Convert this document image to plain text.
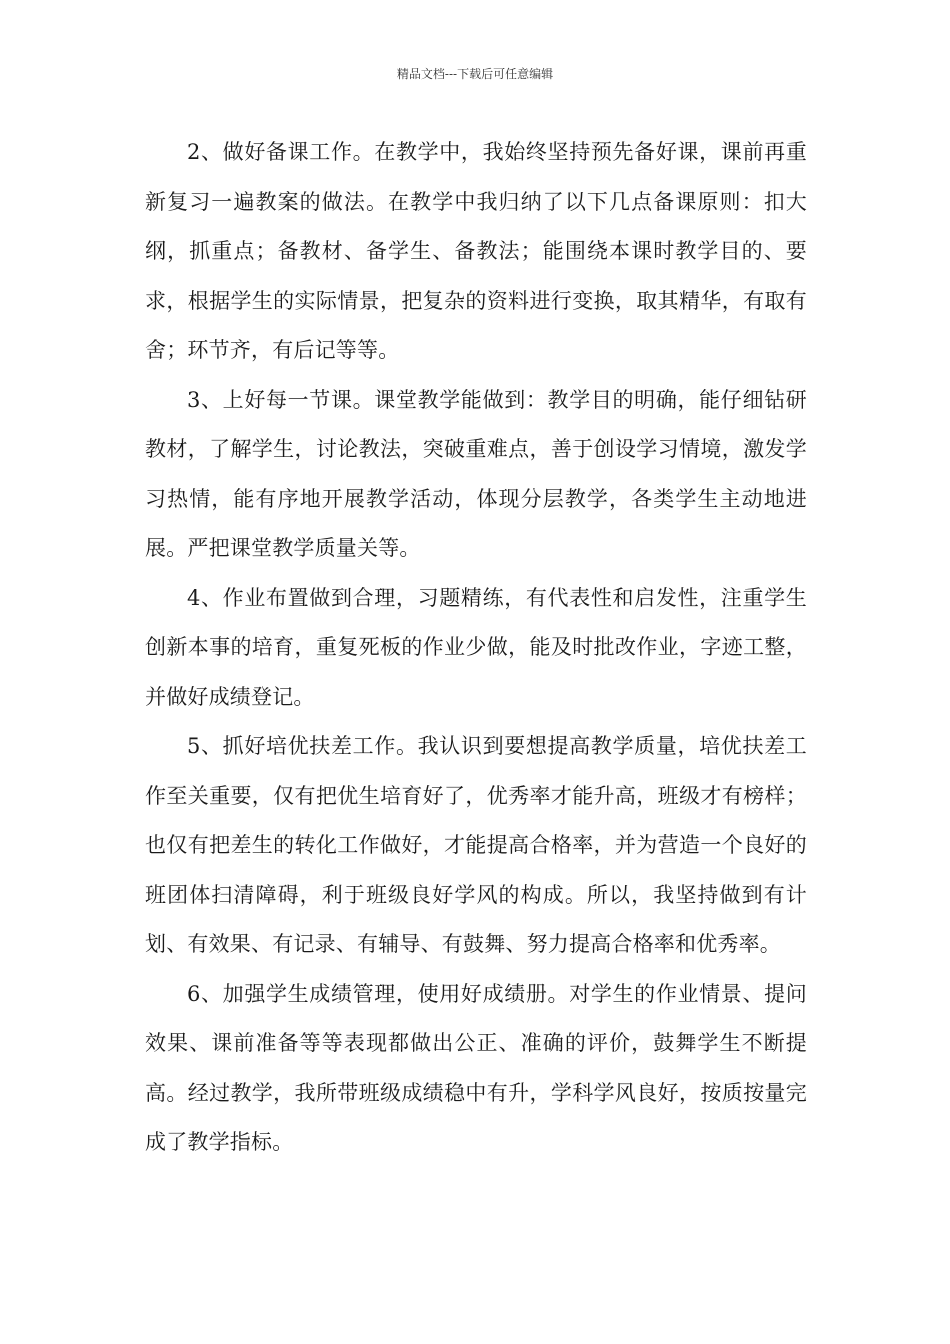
精品文档---下载后可任意编辑

2、做好备课工作。在教学中，我始终坚持预先备好课，课前再重新复习一遍教案的做法。在教学中我归纳了以下几点备课原则：扣大纲，抓重点；备教材、备学生、备教法；能围绕本课时教学目的、要求，根据学生的实际情景，把复杂的资料进行变换，取其精华，有取有舍；环节齐，有后记等等。

3、上好每一节课。课堂教学能做到：教学目的明确，能仔细钻研教材，了解学生，讨论教法，突破重难点，善于创设学习情境，激发学习热情，能有序地开展教学活动，体现分层教学，各类学生主动地进展。严把课堂教学质量关等。

4、作业布置做到合理，习题精练，有代表性和启发性，注重学生创新本事的培育，重复死板的作业少做，能及时批改作业，字迹工整，并做好成绩登记。

5、抓好培优扶差工作。我认识到要想提高教学质量，培优扶差工作至关重要，仅有把优生培育好了，优秀率才能升高，班级才有榜样；也仅有把差生的转化工作做好，才能提高合格率，并为营造一个良好的班团体扫清障碍，利于班级良好学风的构成。所以，我坚持做到有计划、有效果、有记录、有辅导、有鼓舞、努力提高合格率和优秀率。

6、加强学生成绩管理，使用好成绩册。对学生的作业情景、提问效果、课前准备等等表现都做出公正、准确的评价，鼓舞学生不断提高。经过教学，我所带班级成绩稳中有升，学科学风良好，按质按量完成了教学指标。
